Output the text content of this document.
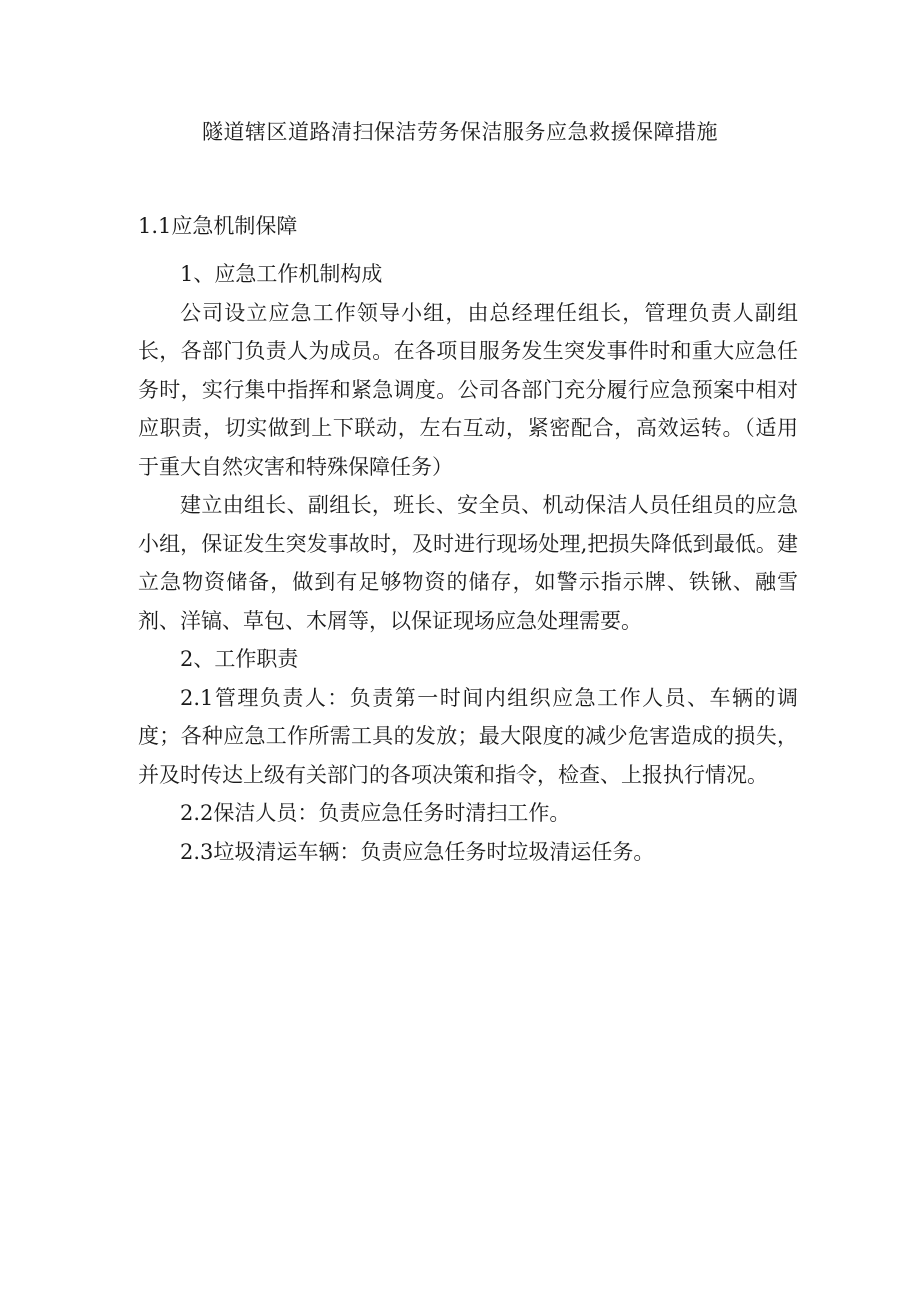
隧道辖区道路清扫保洁劳务保洁服务应急救援保障措施
1.1应急机制保障

1、应急工作机制构成

公司设立应急工作领导小组，由总经理任组长，管理负责人副组长，各部门负责人为成员。在各项目服务发生突发事件时和重大应急任务时，实行集中指挥和紧急调度。公司各部门充分履行应急预案中相对应职责，切实做到上下联动，左右互动，紧密配合，高效运转。（适用于重大自然灾害和特殊保障任务）

建立由组长、副组长，班长、安全员、机动保洁人员任组员的应急小组，保证发生突发事故时，及时进行现场处理,把损失降低到最低。建立急物资储备，做到有足够物资的储存，如警示指示牌、铁锹、融雪剂、洋镐、草包、木屑等，以保证现场应急处理需要。

2、工作职责

2.1管理负责人：负责第一时间内组织应急工作人员、车辆的调度；各种应急工作所需工具的发放；最大限度的减少危害造成的损失，并及时传达上级有关部门的各项决策和指令，检查、上报执行情况。

2.2保洁人员：负责应急任务时清扫工作。

2.3垃圾清运车辆：负责应急任务时垃圾清运任务。
